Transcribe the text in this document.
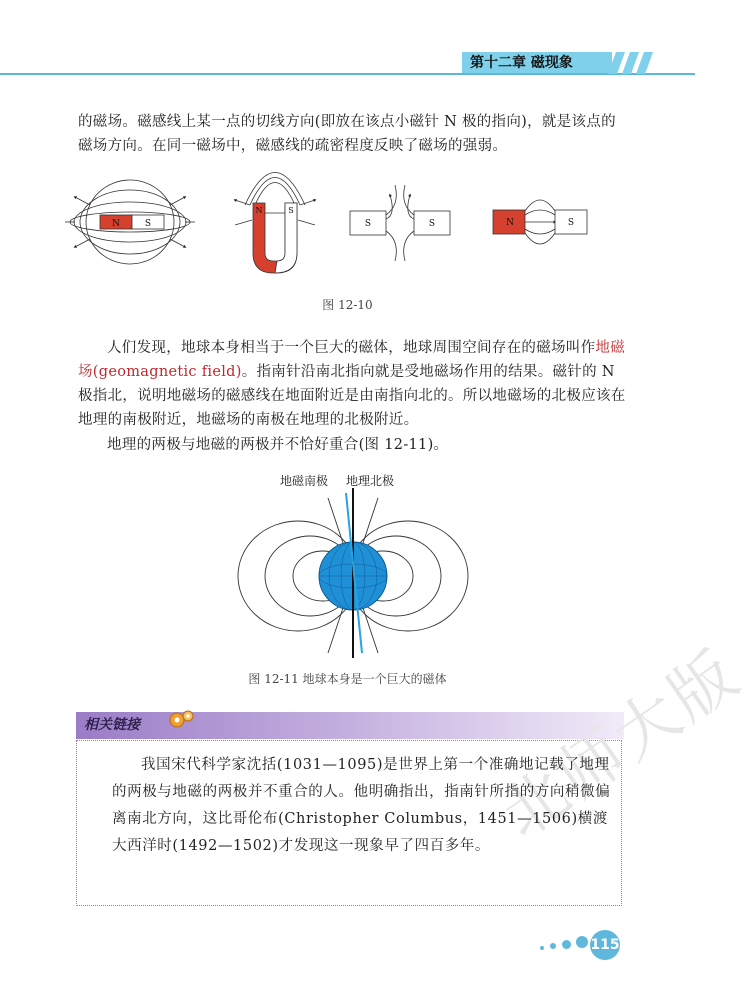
第十二章 磁现象

的磁场。磁感线上某一点的切线方向(即放在该点小磁针 N 极的指向)，就是该点的磁场方向。在同一磁场中，磁感线的疏密程度反映了磁场的强弱。

N	S
N	S
S	S	N	S
图 12-10

人们发现，地球本身相当于一个巨大的磁体，地球周围空间存在的磁场叫作地磁场(geomagnetic field)。指南针沿南北指向就是受地磁场作用的结果。磁针的 N 极指北，说明地磁场的磁感线在地面附近是由南指向北的。所以地磁场的北极应该在地理的南极附近，地磁场的南极在地理的北极附近。

地理的两极与地磁的两极并不恰好重合(图 12-11)。

地磁南极 地理北极
图 12-11 地球本身是一个巨大的磁体
相关链接	北师大版

我国宋代科学家沈括(1031—1095)是世界上第一个准确地记载了地理的两极与地磁的两极并不重合的人。他明确指出，指南针所指的方向稍微偏离南北方向，这比哥伦布(Christopher Columbus，1451—1506)横渡大西洋时(1492—1502)才发现这一现象早了四百多年。

115
